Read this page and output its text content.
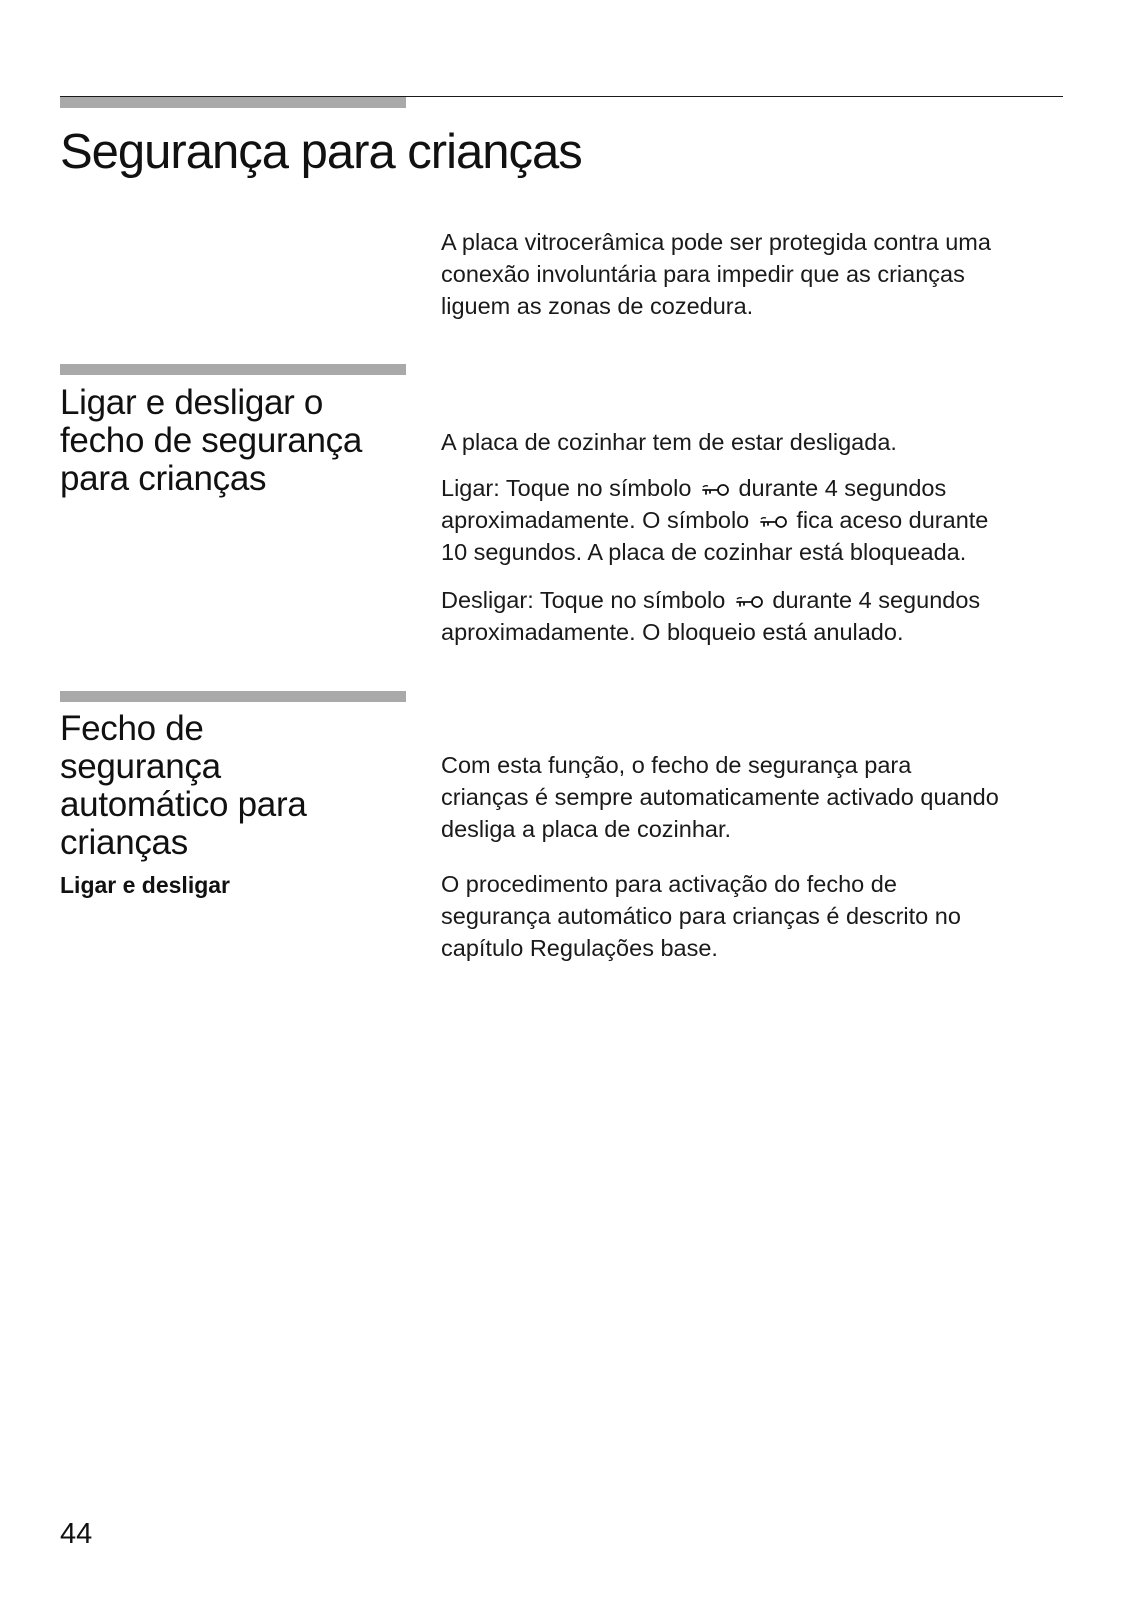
Segurança para crianças

A placa vitrocerâmica pode ser protegida contra uma
conexão involuntária para impedir que as crianças
liguem as zonas de cozedura.

Ligar e desligar o
fecho de segurança
para crianças

A placa de cozinhar tem de estar desligada.

Ligar: Toque no símbolo durante 4 segundos
aproximadamente. O símbolo fica aceso durante
10 segundos. A placa de cozinhar está bloqueada.

Desligar: Toque no símbolo durante 4 segundos
aproximadamente. O bloqueio está anulado.

Fecho de
segurança
automático para
crianças
Ligar e desligar

Com esta função, o fecho de segurança para
crianças é sempre automaticamente activado quando
desliga a placa de cozinhar.

O procedimento para activação do fecho de
segurança automático para crianças é descrito no
capítulo Regulações base.

44
